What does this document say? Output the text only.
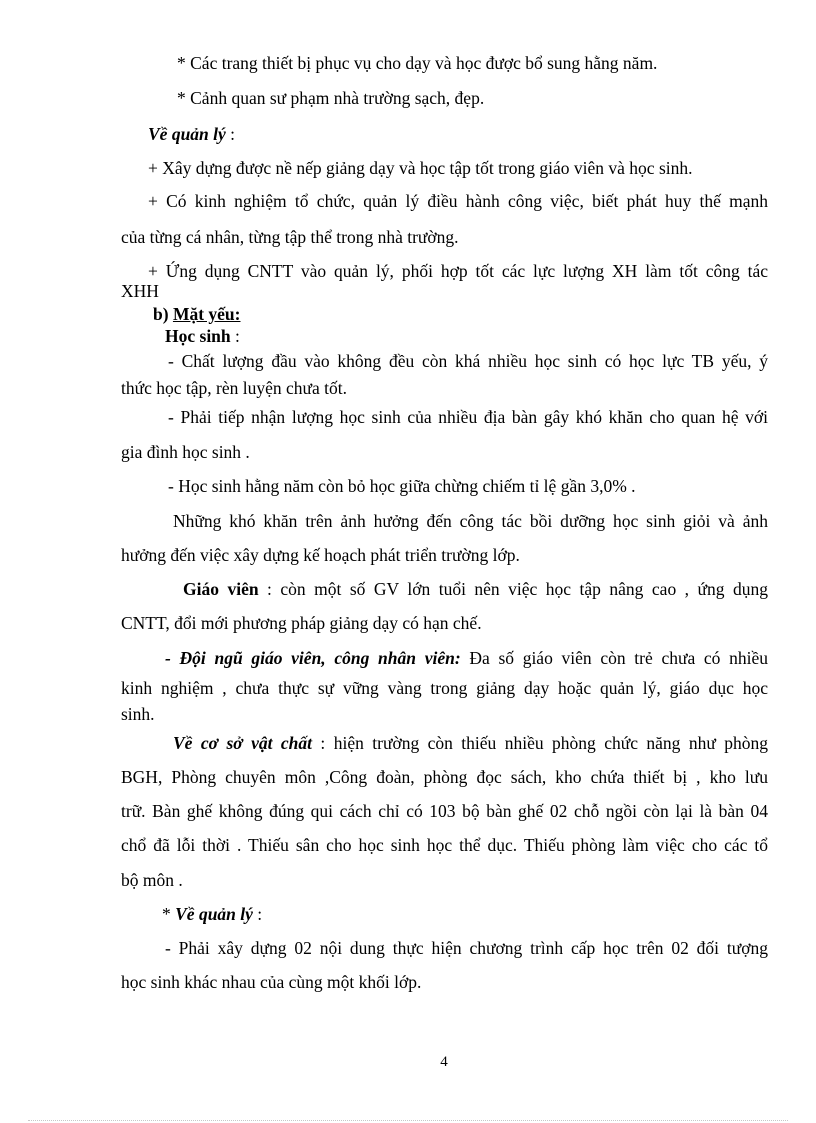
* Các trang thiết bị phục vụ cho dạy và học được bổ sung hằng năm.
* Cảnh quan sư phạm nhà trường sạch, đẹp.
Về quản lý :
+ Xây dựng được nề nếp giảng dạy và học tập tốt trong giáo viên và học sinh.
+ Có kinh nghiệm tổ chức, quản lý điều hành công việc, biết phát huy thế mạnh
của từng cá nhân, từng tập thể trong nhà trường.
+ Ứng dụng CNTT vào quản lý, phối hợp tốt các lực lượng XH làm tốt công tác
XHH
b) Mặt yếu:
Học sinh :
- Chất lượng đầu vào không đều còn khá nhiều học sinh có học lực TB yếu, ý
thức học tập, rèn luyện chưa tốt.
- Phải tiếp nhận lượng học sinh của nhiều địa bàn gây khó khăn cho quan hệ với
gia đình học sinh .
- Học sinh hằng năm còn bỏ học giữa chừng chiếm tỉ lệ gần 3,0% .
Những khó khăn trên ảnh hưởng đến công tác bồi dưỡng học sinh giỏi và ảnh
hưởng đến việc xây dựng kế hoạch phát triển trường lớp.
Giáo viên : còn một số GV lớn tuổi nên việc học tập nâng cao , ứng dụng
CNTT, đổi mới phương pháp giảng dạy có hạn chế.
- Đội ngũ giáo viên, công nhân viên: Đa số giáo viên còn trẻ chưa có nhiều
kinh nghiệm , chưa thực sự vững vàng trong giảng dạy hoặc quản lý, giáo dục học
sinh.
Về cơ sở vật chất : hiện trường còn thiếu nhiều phòng chức năng như phòng
BGH, Phòng chuyên môn ,Công đoàn, phòng đọc sách, kho chứa thiết bị , kho lưu
trữ. Bàn ghế không đúng qui cách chỉ có 103 bộ bàn ghế 02 chỗ ngồi còn lại là bàn 04
chổ đã lỗi thời . Thiếu sân cho học sinh học thể dục. Thiếu phòng làm việc cho các tổ
bộ môn .
* Về quản lý :
- Phải xây dựng 02 nội dung thực hiện chương trình cấp học trên 02 đối tượng
học sinh khác nhau của cùng một khối lớp.
4
